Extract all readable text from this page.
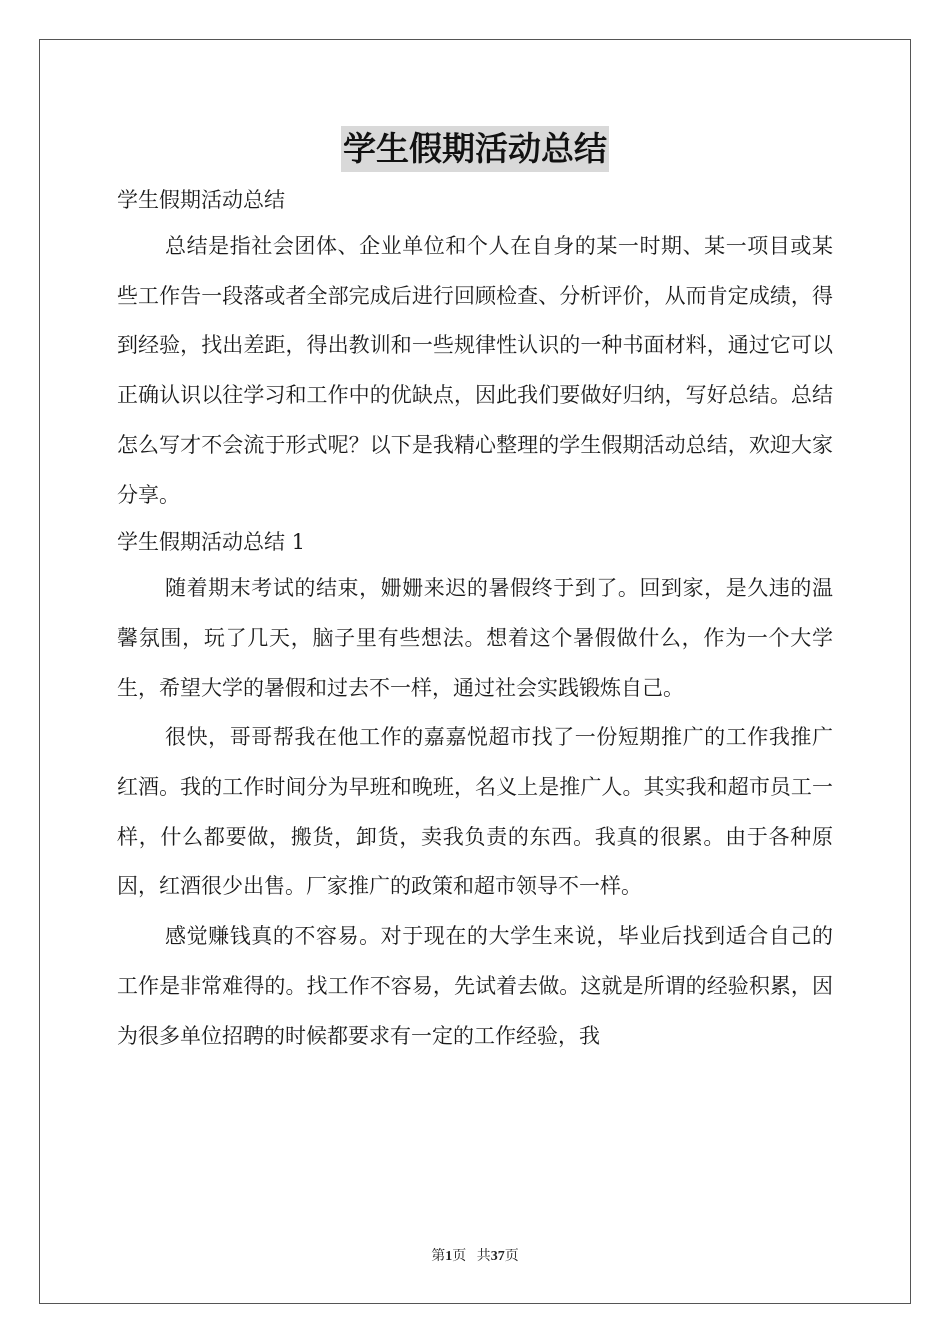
学生假期活动总结

学生假期活动总结

总结是指社会团体、企业单位和个人在自身的某一时期、某一项目或某些工作告一段落或者全部完成后进行回顾检查、分析评价，从而肯定成绩，得到经验，找出差距，得出教训和一些规律性认识的一种书面材料，通过它可以正确认识以往学习和工作中的优缺点，因此我们要做好归纳，写好总结。总结怎么写才不会流于形式呢？以下是我精心整理的学生假期活动总结，欢迎大家分享。

学生假期活动总结 1

随着期末考试的结束，姗姗来迟的暑假终于到了。回到家，是久违的温馨氛围，玩了几天，脑子里有些想法。想着这个暑假做什么，作为一个大学生，希望大学的暑假和过去不一样，通过社会实践锻炼自己。

很快，哥哥帮我在他工作的嘉嘉悦超市找了一份短期推广的工作我推广红酒。我的工作时间分为早班和晚班，名义上是推广人。其实我和超市员工一样，什么都要做，搬货，卸货，卖我负责的东西。我真的很累。由于各种原因，红酒很少出售。厂家推广的政策和超市领导不一样。

感觉赚钱真的不容易。对于现在的大学生来说，毕业后找到适合自己的工作是非常难得的。找工作不容易，先试着去做。这就是所谓的经验积累，因为很多单位招聘的时候都要求有一定的工作经验，我

第1页 共37页
